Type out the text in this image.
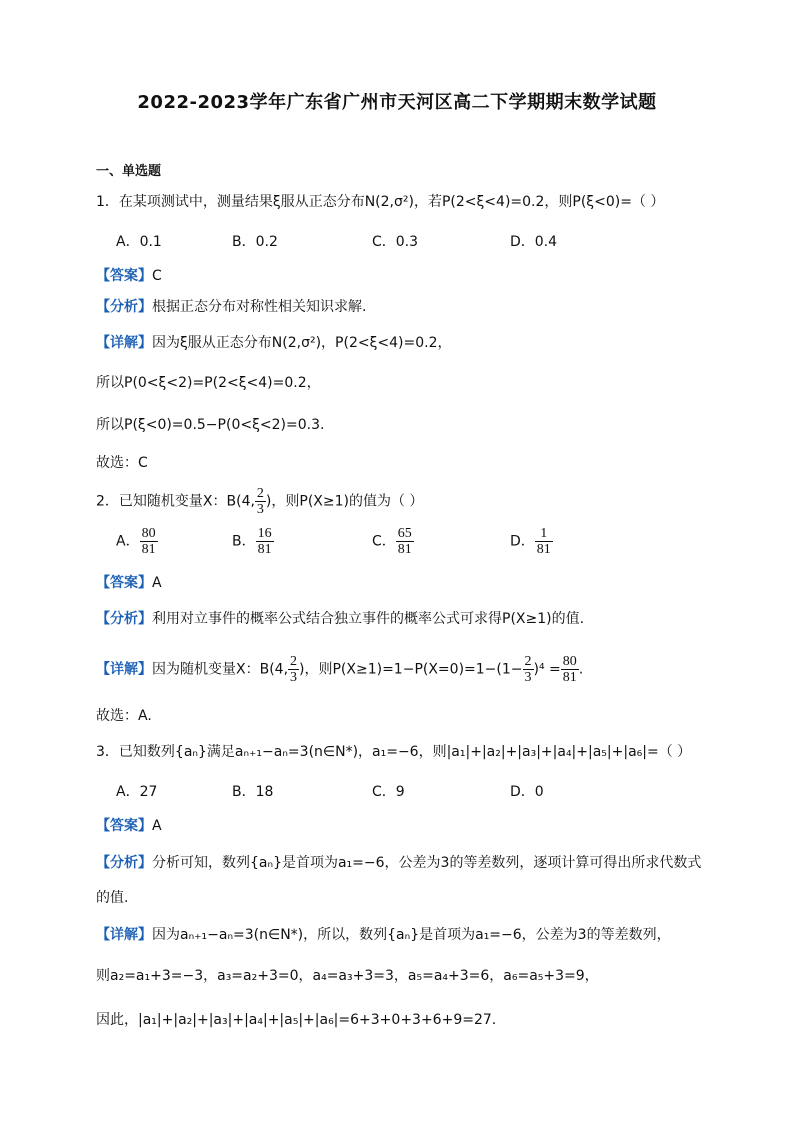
2022-2023学年广东省广州市天河区高二下学期期末数学试题
一、单选题
1．在某项测试中，测量结果ξ服从正态分布N(2,σ²)，若P(2<ξ<4)=0.2，则P(ξ<0)=（ ）
A．0.1	B．0.2	C．0.3	D．0.4
【答案】C
【分析】根据正态分布对称性相关知识求解.
【详解】因为ξ服从正态分布N(2,σ²)，P(2<ξ<4)=0.2，
所以P(0<ξ<2)=P(2<ξ<4)=0.2，
所以P(ξ<0)=0.5−P(0<ξ<2)=0.3.
故选：C
2．已知随机变量X：B(4, $\frac{2}{3}$ )，则P(X≥1)的值为（ ）
A． $\frac{80}{81}$	B． $\frac{16}{81}$	C． $\frac{65}{81}$	D． $\frac{1}{81}$
【答案】A
【分析】利用对立事件的概率公式结合独立事件的概率公式可求得P(X≥1)的值.
【详解】因为随机变量X：B(4, $\frac{2}{3}$ )，则$P(X\ge 1)=1-P(X=0)=1-(1- \frac{2}{3} )^4 = \frac{80}{81}$ .
故选：A.
3．已知数列{aₙ}满足aₙ₊₁−aₙ=3(n∈N*)，a₁=−6，则|a₁|+|a₂|+|a₃|+|a₄|+|a₅|+|a₆|=（ ）
A．27	B．18	C．9	D．0
【答案】A
【分析】分析可知，数列{aₙ}是首项为a₁=−6，公差为3的等差数列，逐项计算可得出所求代数式
的值.
【详解】因为aₙ₊₁−aₙ=3(n∈N*)，所以，数列{aₙ}是首项为a₁=−6，公差为3的等差数列，
则a₂=a₁+3=−3，a₃=a₂+3=0，a₄=a₃+3=3，a₅=a₄+3=6，a₆=a₅+3=9，
因此，|a₁|+|a₂|+|a₃|+|a₄|+|a₅|+|a₆|=6+3+0+3+6+9=27.
